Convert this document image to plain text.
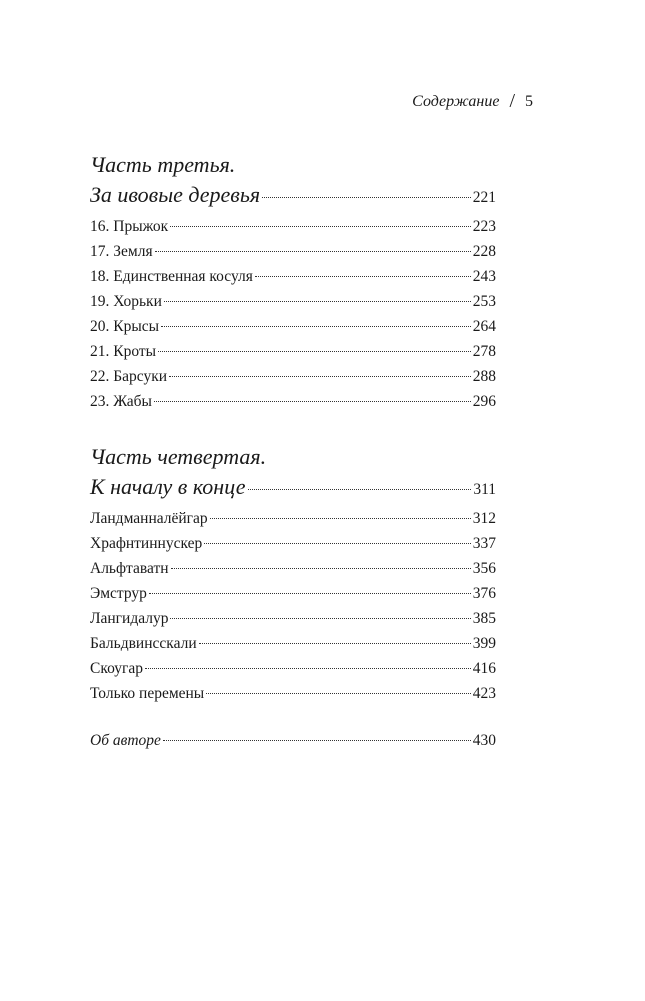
Содержание / 5

Часть третья.

За ивовые деревья	221
16. Прыжок	223
17. Земля	228
18. Единственная косуля	243
19. Хорьки	253
20. Крысы	264
21. Кроты	278
22. Барсуки	288
23. Жабы	296

Часть четвертая.

К началу в конце	311
Ландманналёйгар	312
Храфнтиннускер	337
Альфтаватн	356
Эмструр	376
Лангидалур	385
Бальдвинсскали	399
Скоугар	416
Только перемены	423
Об авторе	430
